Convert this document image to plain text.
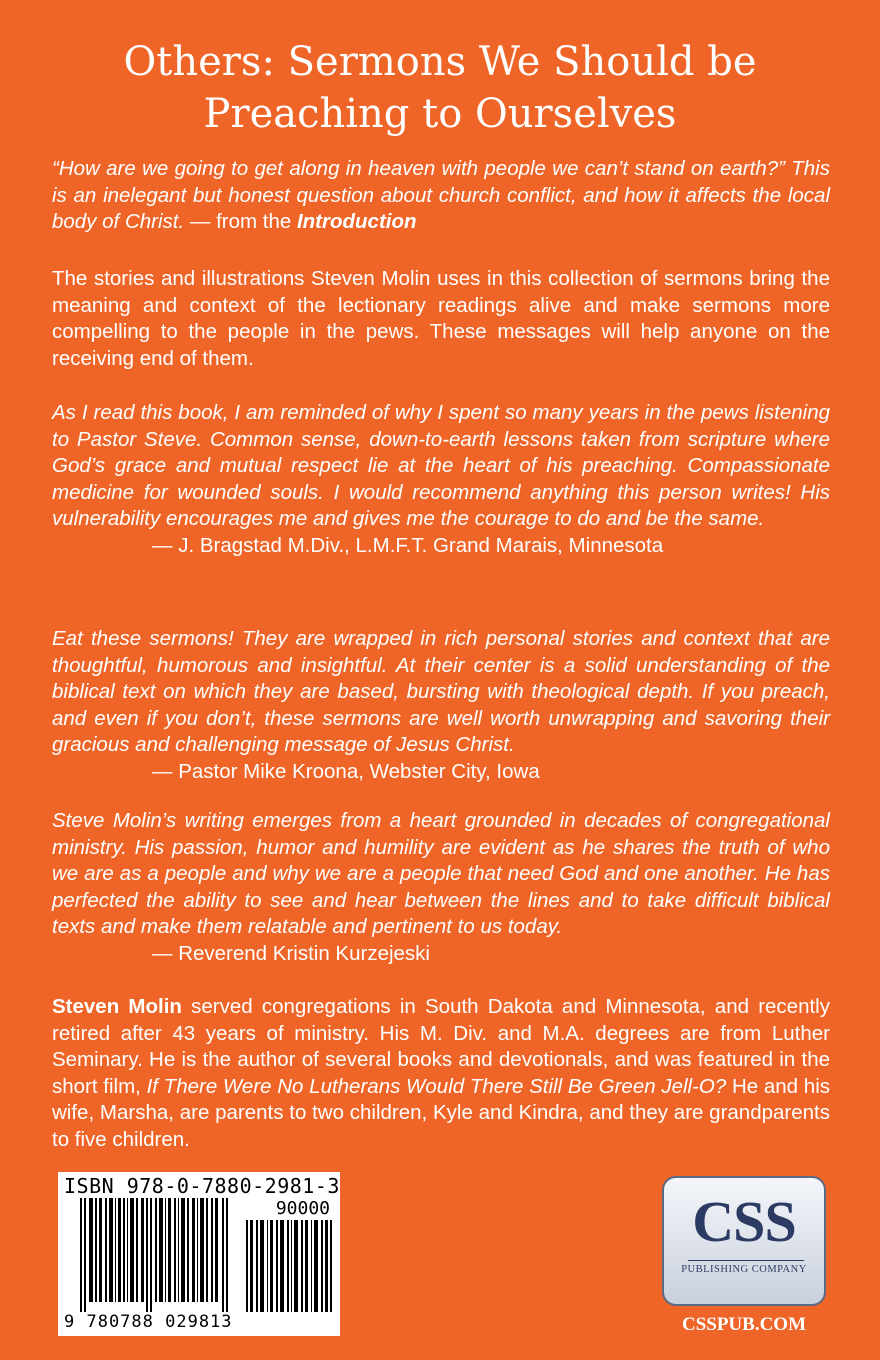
Others: Sermons We Should be
Preaching to Ourselves

“How are we going to get along in heaven with people we can’t stand on earth?” This is an inelegant but honest question about church conflict, and how it affects the local body of Christ. — from the Introduction

The stories and illustrations Steven Molin uses in this collection of sermons bring the meaning and context of the lectionary readings alive and make sermons more compelling to the people in the pews. These messages will help anyone on the receiving end of them.

As I read this book, I am reminded of why I spent so many years in the pews listening to Pastor Steve. Common sense, down-to-earth lessons taken from scripture where God’s grace and mutual respect lie at the heart of his preaching. Compassionate medicine for wounded souls. I would recommend anything this person writes! His vulnerability encourages me and gives me the courage to do and be the same.

— J. Bragstad M.Div., L.M.F.T. Grand Marais, Minnesota

Eat these sermons! They are wrapped in rich personal stories and context that are thoughtful, humorous and insightful. At their center is a solid understanding of the biblical text on which they are based, bursting with theological depth. If you preach, and even if you don’t, these sermons are well worth unwrapping and savoring their gracious and challenging message of Jesus Christ.

— Pastor Mike Kroona, Webster City, Iowa

Steve Molin’s writing emerges from a heart grounded in decades of congregational ministry. His passion, humor and humility are evident as he shares the truth of who we are as a people and why we are a people that need God and one another. He has perfected the ability to see and hear between the lines and to take difficult biblical texts and make them relatable and pertinent to us today.

— Reverend Kristin Kurzejeski

Steven Molin served congregations in South Dakota and Minnesota, and recently retired after 43 years of ministry. His M. Div. and M.A. degrees are from Luther Seminary. He is the author of several books and devotionals, and was featured in the short film, If There Were No Lutherans Would There Still Be Green Jell-O? He and his wife, Marsha, are parents to two children, Kyle and Kindra, and they are grandparents to five children.

ISBN 978-0-7880-2981-3
90000
9 780788 029813
CSS
PUBLISHING COMPANY
CSSPUB.COM
